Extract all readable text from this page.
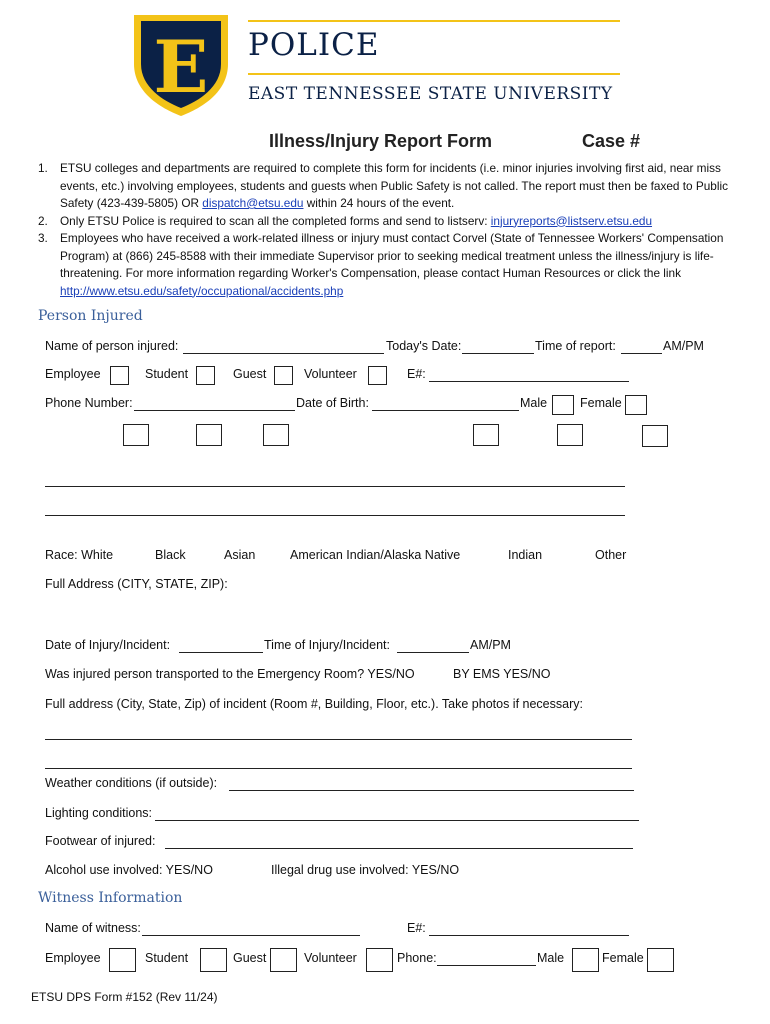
E POLICE
EAST TENNESSEE STATE UNIVERSITY
Illness/Injury Report Form	Case #
1. ETSU colleges and departments are required to complete this form for incidents (i.e. minor injuries involving first aid, near miss events, etc.) involving employees, students and guests when Public Safety is not called. The report must then be faxed to Public Safety (423-439-5805) OR dispatch@etsu.edu within 24 hours of the event.
2. Only ETSU Police is required to scan all the completed forms and send to listserv: injuryreports@listserv.etsu.edu
3. Employees who have received a work-related illness or injury must contact Corvel (State of Tennessee Workers' Compensation Program) at (866) 245-8588 with their immediate Supervisor prior to seeking medical treatment unless the illness/injury is life-threatening. For more information regarding Worker's Compensation, please contact Human Resources or click the link http://www.etsu.edu/safety/occupational/accidents.php
Person Injured
Name of person injured:	Today's Date:	Time of report:	AM/PM
Employee	Student	Guest	Volunteer	E#:
Phone Number:	Date of Birth:	Male	Female
Race: White	Black	Asian	American Indian/Alaska Native	Indian	Other
Full Address (CITY, STATE, ZIP):
Date of Injury/Incident:	Time of Injury/Incident:	AM/PM
Was injured person transported to the Emergency Room? YES/NO	BY EMS YES/NO
Full address (City, State, Zip) of incident (Room #, Building, Floor, etc.). Take photos if necessary:
Weather conditions (if outside):
Lighting conditions:
Footwear of injured:
Alcohol use involved: YES/NO	Illegal drug use involved: YES/NO
Witness Information
Name of witness:	E#:
Employee	Student	Guest	Volunteer	Phone:	Male	Female
ETSU DPS Form #152 (Rev 11/24)
